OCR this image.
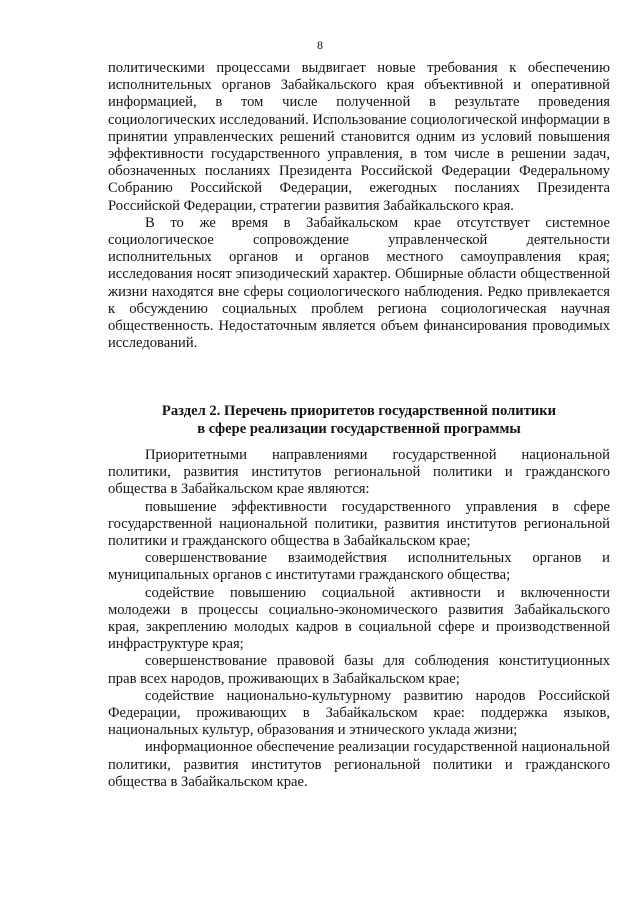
8

политическими процессами выдвигает новые требования к обеспечению исполнительных органов Забайкальского края объективной и оперативной информацией, в том числе полученной в результате проведения социологических исследований. Использование социологической информации в принятии управленческих решений становится одним из условий повышения эффективности государственного управления, в том числе в решении задач, обозначенных посланиях Президента Российской Федерации Федеральному Собранию Российской Федерации, ежегодных посланиях Президента Российской Федерации, стратегии развития Забайкальского края.

В то же время в Забайкальском крае отсутствует системное социологическое сопровождение управленческой деятельности исполнительных органов и органов местного самоуправления края; исследования носят эпизодический характер. Обширные области общественной жизни находятся вне сферы социологического наблюдения. Редко привлекается к обсуждению социальных проблем региона социологическая научная общественность. Недостаточным является объем финансирования проводимых исследований.

Раздел 2. Перечень приоритетов государственной политики
в сфере реализации государственной программы

Приоритетными направлениями государственной национальной политики, развития институтов региональной политики и гражданского общества в Забайкальском крае являются:

повышение эффективности государственного управления в сфере государственной национальной политики, развития институтов региональной политики и гражданского общества в Забайкальском крае;

совершенствование взаимодействия исполнительных органов и муниципальных органов с институтами гражданского общества;

содействие повышению социальной активности и включенности молодежи в процессы социально-экономического развития Забайкальского края, закреплению молодых кадров в социальной сфере и производственной инфраструктуре края;

совершенствование правовой базы для соблюдения конституционных прав всех народов, проживающих в Забайкальском крае;

содействие национально-культурному развитию народов Российской Федерации, проживающих в Забайкальском крае: поддержка языков, национальных культур, образования и этнического уклада жизни;

информационное обеспечение реализации государственной национальной политики, развития институтов региональной политики и гражданского общества в Забайкальском крае.
